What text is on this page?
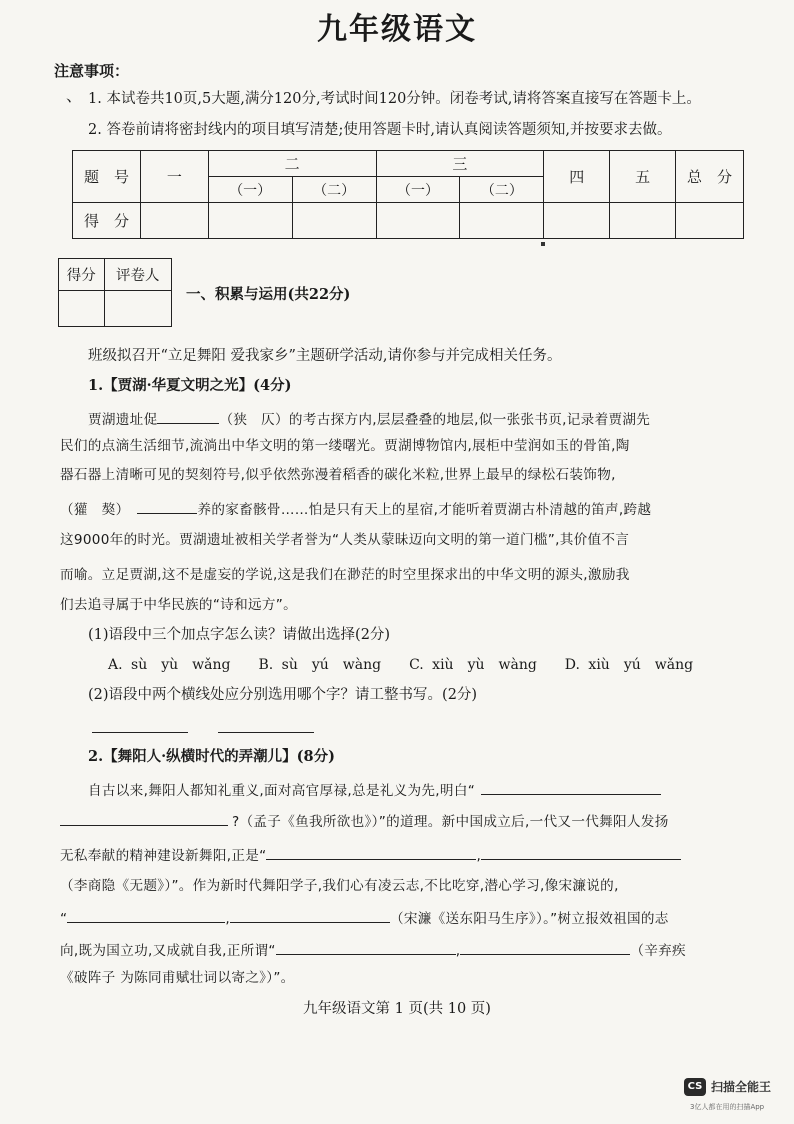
九年级语文
注意事项：
、 1. 本试卷共10页,5大题,满分120分,考试时间120分钟。闭卷考试,请将答案直接写在答题卡上。
2. 答卷前请将密封线内的项目填写清楚;使用答题卡时,请认真阅读答题须知,并按要求去做。
题　号	一	二		三		四	五	总　分
		（一）	（二）	（一）	（二）			
得　分								
得分	评卷人

一、积累与运用(共22分)
班级拟召开“立足舞阳 爱我家乡”主题研学活动,请你参与并完成相关任务。
1.【贾湖·华夏文明之光】(4分)
贾湖遗址促	（狭　仄）的考古探方内,层层叠叠的地层,似一张张书页,记录着贾湖先
民们的点滴生活细节,流淌出中华文明的第一缕曙光。贾湖博物馆内,展柜中莹润如玉的骨笛,陶
器石器上清晰可见的契刻符号,似乎依然弥漫着稻香的碳化米粒,世界上最早的绿松石装饰物,
（獾　獒）	养的家畜骸骨……怕是只有天上的星宿,才能听着贾湖古朴清越的笛声,跨越
这9000年的时光。贾湖遗址被相关学者誉为“人类从蒙昧迈向文明的第一道门槛”,其价值不言
而喻。立足贾湖,这不是虚妄的学说,这是我们在渺茫的时空里探求出的中华文明的源头,激励我
们去追寻属于中华民族的“诗和远方”。
(1)语段中三个加点字怎么读？请做出选择(2分)
A. sù　yù　wǎng　　B. sù　yú　wàng　　C. xiù　yù　wàng　　D. xiù　yú　wǎng
(2)语段中两个横线处应分别选用哪个字？请工整书写。(2分)
2.【舞阳人·纵横时代的弄潮儿】(8分)
自古以来,舞阳人都知礼重义,面对高官厚禄,总是礼义为先,明白“
?（孟子《鱼我所欲也》）”的道理。新中国成立后,一代又一代舞阳人发扬
无私奉献的精神建设新舞阳,正是“	,
（李商隐《无题》）”。作为新时代舞阳学子,我们心有凌云志,不比吃穿,潜心学习,像宋濂说的,
“	,	（宋濂《送东阳马生序》）。”树立报效祖国的志
向,既为国立功,又成就自我,正所谓“	,	（辛弃疾
《破阵子 为陈同甫赋壮词以寄之》）”。
九年级语文第 1 页(共 10 页)
CS 扫描全能王
3亿人都在用的扫描App
